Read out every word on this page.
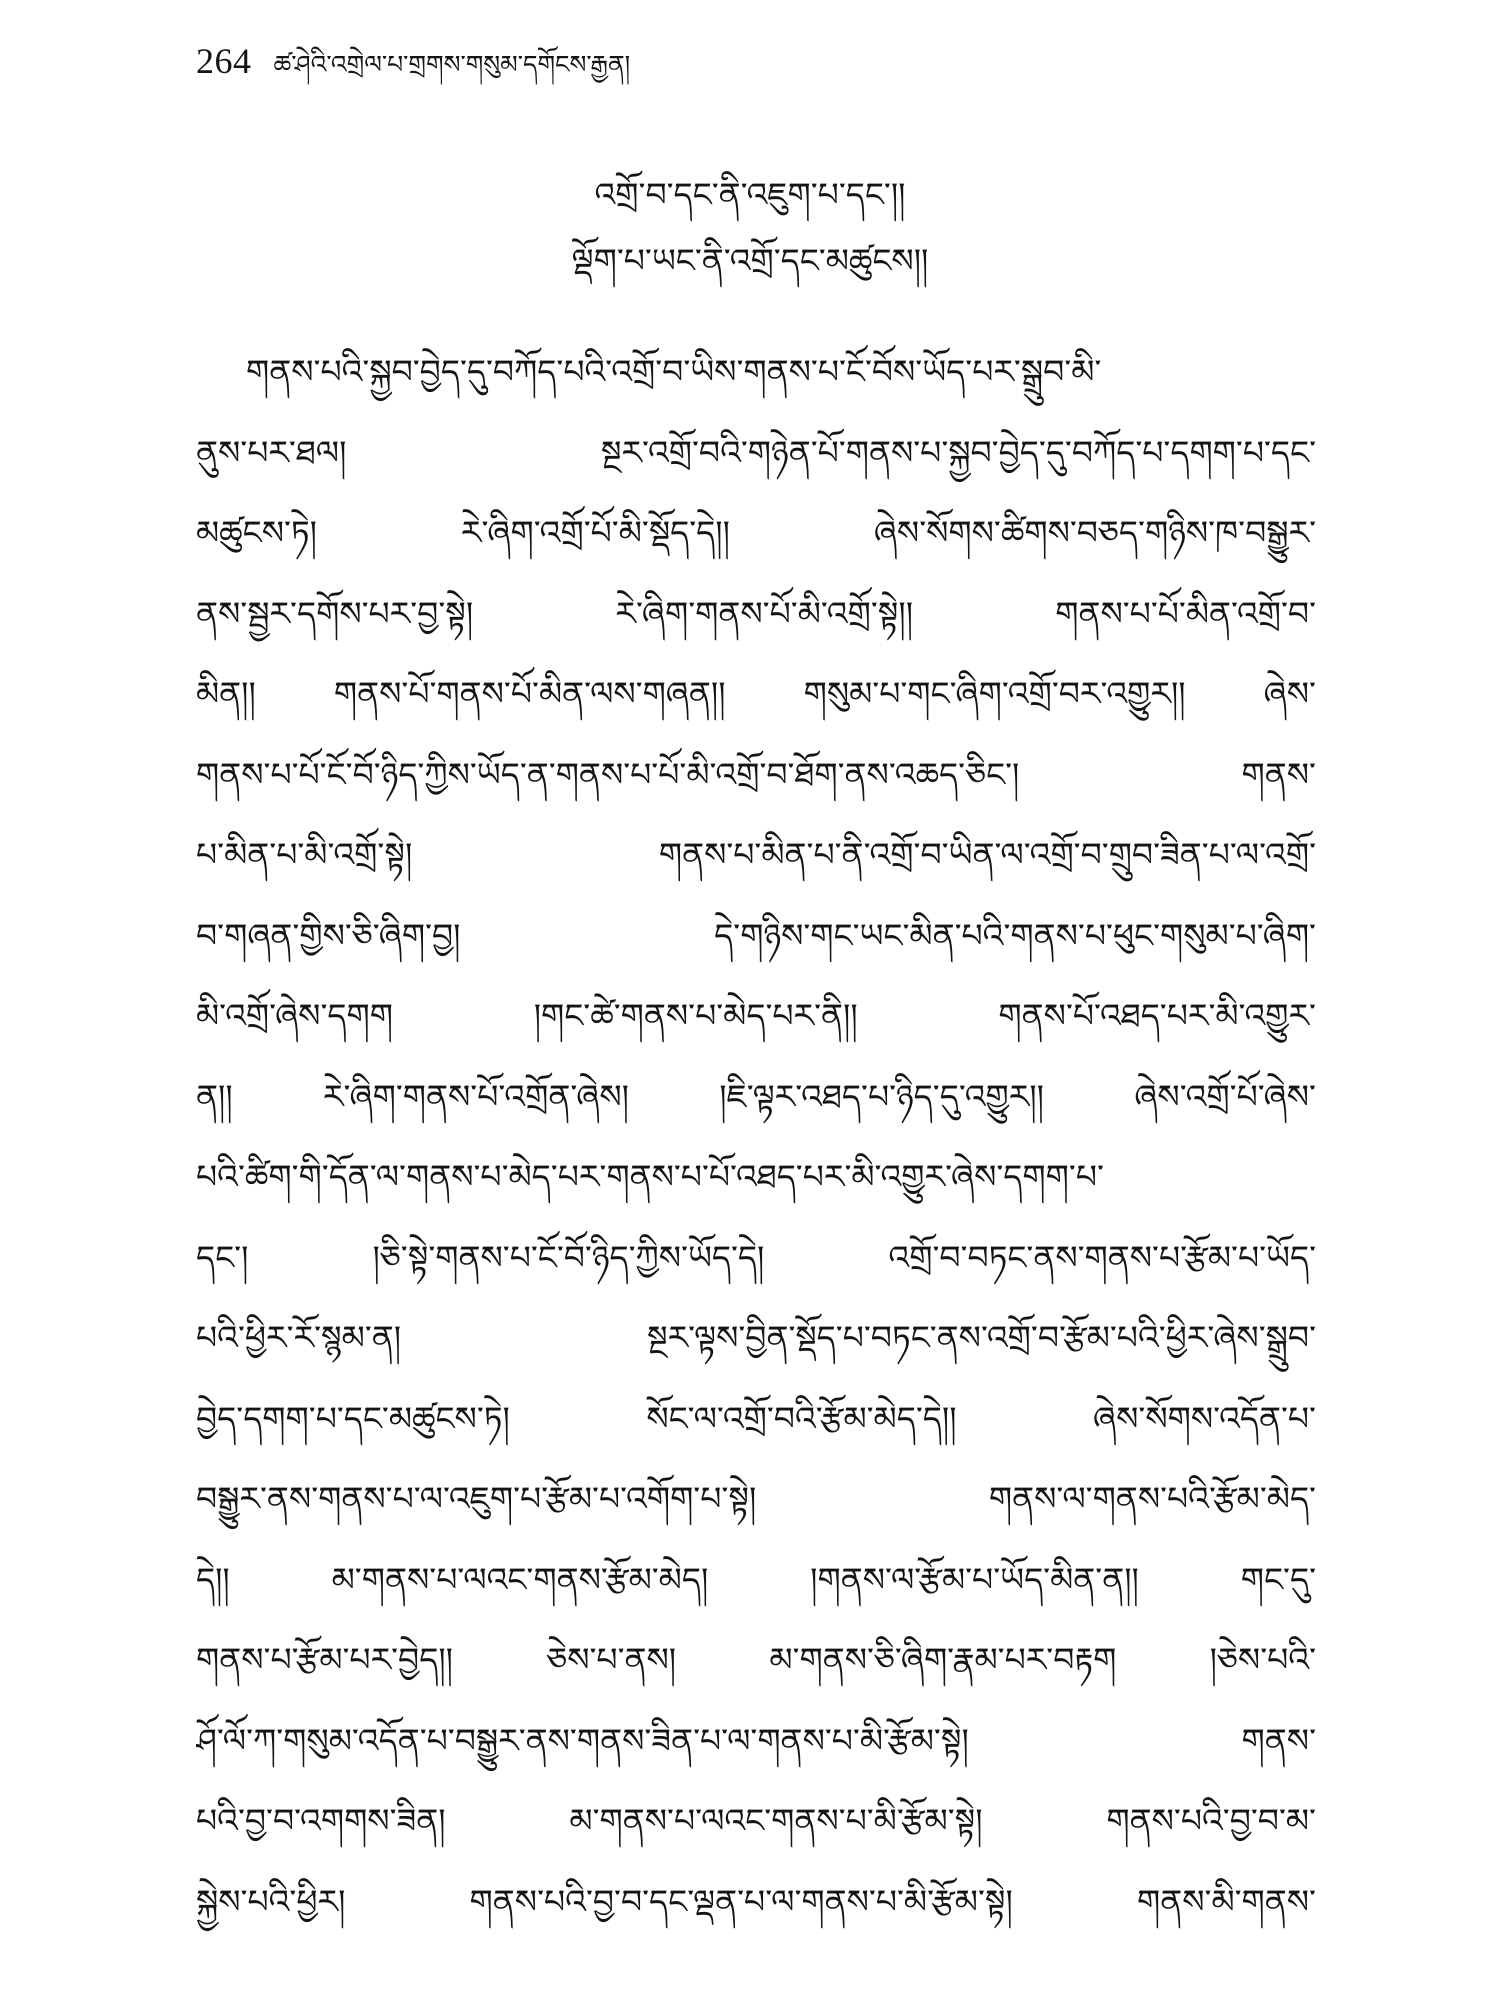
264 ཚ་ཤེའི་འགྲེལ་པ་གྲགས་གསུམ་དགོངས་རྒྱན།
འགྲོ་བ་དང་ནི་འཇུག་པ་དང་།།
ལྡོག་པ་ཡང་ནི་འགྲོ་དང་མཚུངས།།
གནས་པའི་སྐྱབ་བྱེད་དུ་བཀོད་པའི་འགྲོ་བ་ཡིས་གནས་པ་ངོ་བོས་ཡོད་པར་སྒྲུབ་མི་
ནུས་པར་ཐལ། སྔར་འགྲོ་བའི་གཉེན་པོ་གནས་པ་སྐྱབ་བྱེད་དུ་བཀོད་པ་དགག་པ་དང་
མཚུངས་ཏེ། རེ་ཞིག་འགྲོ་པོ་མི་སྡོད་དེ།། ཞེས་སོགས་ཚིགས་བཅད་གཉིས་ཁ་བསྒྱུར་
ནས་སྦྱར་དགོས་པར་བྱ་སྟེ། རེ་ཞིག་གནས་པོ་མི་འགྲོ་སྟེ།། གནས་པ་པོ་མིན་འགྲོ་བ་
མིན།། གནས་པོ་གནས་པོ་མིན་ལས་གཞན།། གསུམ་པ་གང་ཞིག་འགྲོ་བར་འགྱུར།། ཞེས་
གནས་པ་པོ་ངོ་བོ་ཉིད་ཀྱིས་ཡོད་ན་གནས་པ་པོ་མི་འགྲོ་བ་ཐོག་ནས་འཆད་ཅིང་། གནས་
པ་མིན་པ་མི་འགྲོ་སྟེ། གནས་པ་མིན་པ་ནི་འགྲོ་བ་ཡིན་ལ་འགྲོ་བ་གྲུབ་ཟིན་པ་ལ་འགྲོ་
བ་གཞན་གྱིས་ཅི་ཞིག་བྱ། དེ་གཉིས་གང་ཡང་མིན་པའི་གནས་པ་ཕུང་གསུམ་པ་ཞིག་
མི་འགྲོ་ཞེས་དགག །གང་ཚེ་གནས་པ་མེད་པར་ནི།། གནས་པོ་འཐད་པར་མི་འགྱུར་
ན།། རེ་ཞིག་གནས་པོ་འགྲོན་ཞེས། །ཇི་ལྟར་འཐད་པ་ཉིད་དུ་འགྱུར།། ཞེས་འགྲོ་པོ་ཞེས་
པའི་ཚིག་གི་དོན་ལ་གནས་པ་མེད་པར་གནས་པ་པོ་འཐད་པར་མི་འགྱུར་ཞེས་དགག་པ་
དང་། །ཅི་སྟེ་གནས་པ་ངོ་བོ་ཉིད་ཀྱིས་ཡོད་དེ། འགྲོ་བ་བཏང་ནས་གནས་པ་རྩོམ་པ་ཡོད་
པའི་ཕྱིར་རོ་སྙམ་ན། སྔར་ལྟས་བྱིན་སྡོད་པ་བཏང་ནས་འགྲོ་བ་རྩོམ་པའི་ཕྱིར་ཞེས་སྒྲུབ་
བྱེད་དགག་པ་དང་མཚུངས་ཏེ། སོང་ལ་འགྲོ་བའི་རྩོམ་མེད་དེ།། ཞེས་སོགས་འདོན་པ་
བསྒྱུར་ནས་གནས་པ་ལ་འཇུག་པ་རྩོམ་པ་འགོག་པ་སྟེ། གནས་ལ་གནས་པའི་རྩོམ་མེད་
དེ།། མ་གནས་པ་ལའང་གནས་རྩོམ་མེད། །གནས་ལ་རྩོམ་པ་ཡོད་མིན་ན།། གང་དུ་
གནས་པ་རྩོམ་པར་བྱེད།། ཅེས་པ་ནས། མ་གནས་ཅི་ཞིག་རྣམ་པར་བརྟག །ཅེས་པའི་
ཤོ་ལོ་ཀ་གསུམ་འདོན་པ་བསྒྱུར་ནས་གནས་ཟིན་པ་ལ་གནས་པ་མི་རྩོམ་སྟེ། གནས་
པའི་བྱ་བ་འགགས་ཟིན། མ་གནས་པ་ལའང་གནས་པ་མི་རྩོམ་སྟེ། གནས་པའི་བྱ་བ་མ་
སྐྱེས་པའི་ཕྱིར། གནས་པའི་བྱ་བ་དང་ལྡན་པ་ལ་གནས་པ་མི་རྩོམ་སྟེ། གནས་མི་གནས་
